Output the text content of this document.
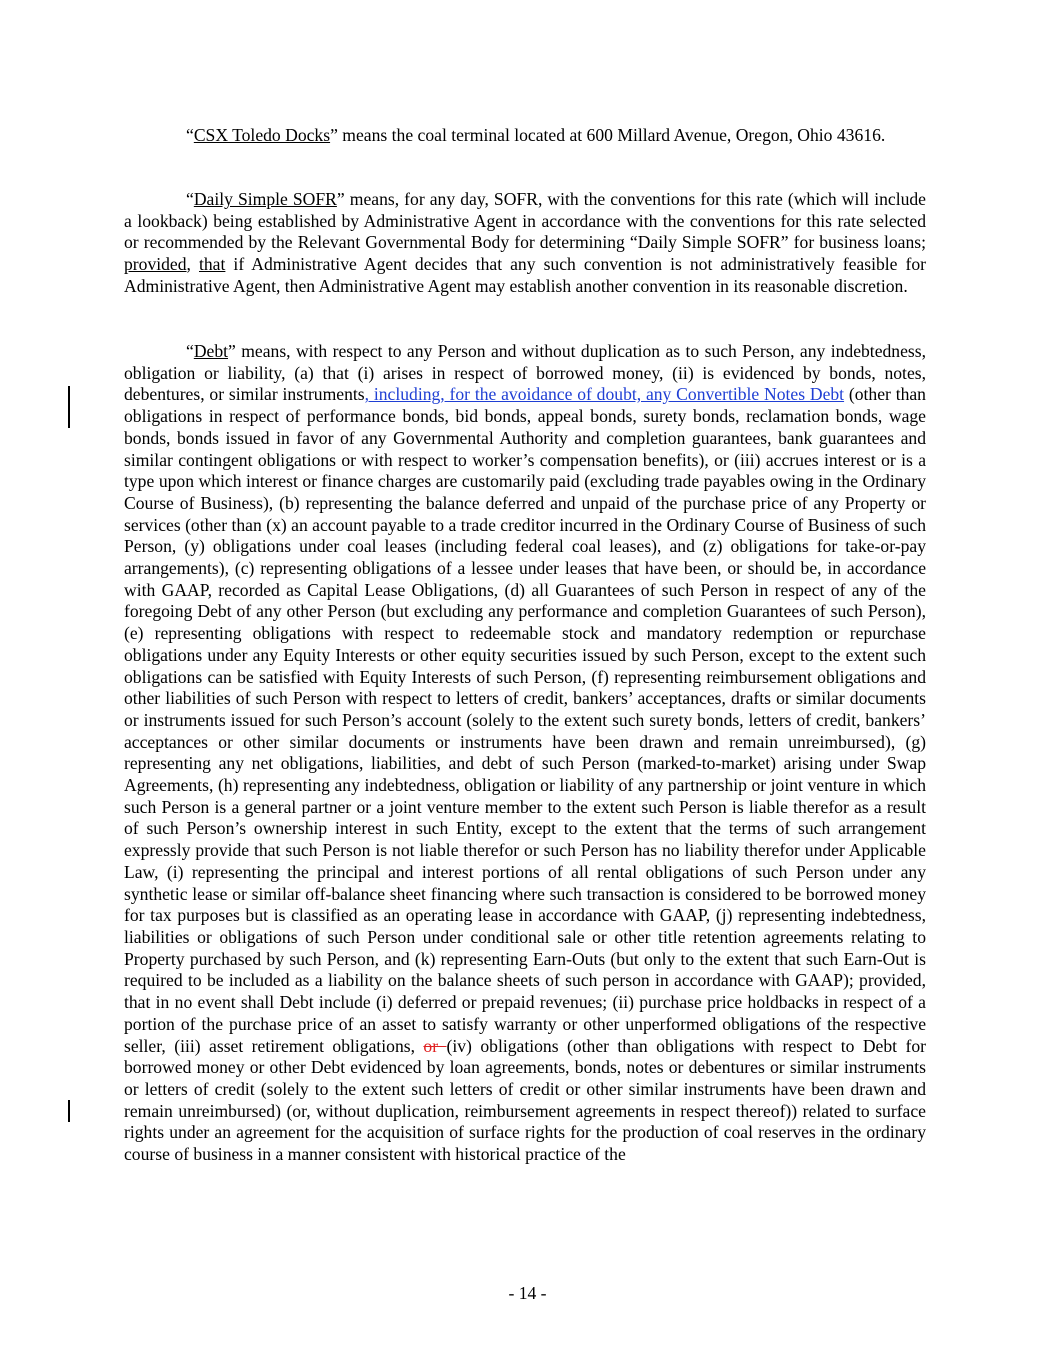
“CSX Toledo Docks” means the coal terminal located at 600 Millard Avenue, Oregon, Ohio 43616.

“Daily Simple SOFR” means, for any day, SOFR, with the conventions for this rate (which will include a lookback) being established by Administrative Agent in accordance with the conventions for this rate selected or recommended by the Relevant Governmental Body for determining “Daily Simple SOFR” for business loans; provided, that if Administrative Agent decides that any such convention is not administratively feasible for Administrative Agent, then Administrative Agent may establish another convention in its reasonable discretion.

“Debt” means, with respect to any Person and without duplication as to such Person, any indebtedness, obligation or liability, (a) that (i) arises in respect of borrowed money, (ii) is evidenced by bonds, notes, debentures, or similar instruments, including, for the avoidance of doubt, any Convertible Notes Debt (other than obligations in respect of performance bonds, bid bonds, appeal bonds, surety bonds, reclamation bonds, wage bonds, bonds issued in favor of any Governmental Authority and completion guarantees, bank guarantees and similar contingent obligations or with respect to worker’s compensation benefits), or (iii) accrues interest or is a type upon which interest or finance charges are customarily paid (excluding trade payables owing in the Ordinary Course of Business), (b) representing the balance deferred and unpaid of the purchase price of any Property or services (other than (x) an account payable to a trade creditor incurred in the Ordinary Course of Business of such Person, (y) obligations under coal leases (including federal coal leases), and (z) obligations for take-or-pay arrangements), (c) representing obligations of a lessee under leases that have been, or should be, in accordance with GAAP, recorded as Capital Lease Obligations, (d) all Guarantees of such Person in respect of any of the foregoing Debt of any other Person (but excluding any performance and completion Guarantees of such Person), (e) representing obligations with respect to redeemable stock and mandatory redemption or repurchase obligations under any Equity Interests or other equity securities issued by such Person, except to the extent such obligations can be satisfied with Equity Interests of such Person, (f) representing reimbursement obligations and other liabilities of such Person with respect to letters of credit, bankers’ acceptances, drafts or similar documents or instruments issued for such Person’s account (solely to the extent such surety bonds, letters of credit, bankers’ acceptances or other similar documents or instruments have been drawn and remain unreimbursed), (g) representing any net obligations, liabilities, and debt of such Person (marked-to-market) arising under Swap Agreements, (h) representing any indebtedness, obligation or liability of any partnership or joint venture in which such Person is a general partner or a joint venture member to the extent such Person is liable therefor as a result of such Person’s ownership interest in such Entity, except to the extent that the terms of such arrangement expressly provide that such Person is not liable therefor or such Person has no liability therefor under Applicable Law, (i) representing the principal and interest portions of all rental obligations of such Person under any synthetic lease or similar off-balance sheet financing where such transaction is considered to be borrowed money for tax purposes but is classified as an operating lease in accordance with GAAP, (j) representing indebtedness, liabilities or obligations of such Person under conditional sale or other title retention agreements relating to Property purchased by such Person, and (k) representing Earn-Outs (but only to the extent that such Earn-Out is required to be included as a liability on the balance sheets of such person in accordance with GAAP); provided, that in no event shall Debt include (i) deferred or prepaid revenues; (ii) purchase price holdbacks in respect of a portion of the purchase price of an asset to satisfy warranty or other unperformed obligations of the respective seller, (iii) asset retirement obligations, or (iv) obligations (other than obligations with respect to Debt for borrowed money or other Debt evidenced by loan agreements, bonds, notes or debentures or similar instruments or letters of credit (solely to the extent such letters of credit or other similar instruments have been drawn and remain unreimbursed) (or, without duplication, reimbursement agreements in respect thereof)) related to surface rights under an agreement for the acquisition of surface rights for the production of coal reserves in the ordinary course of business in a manner consistent with historical practice of the

- 14 -
